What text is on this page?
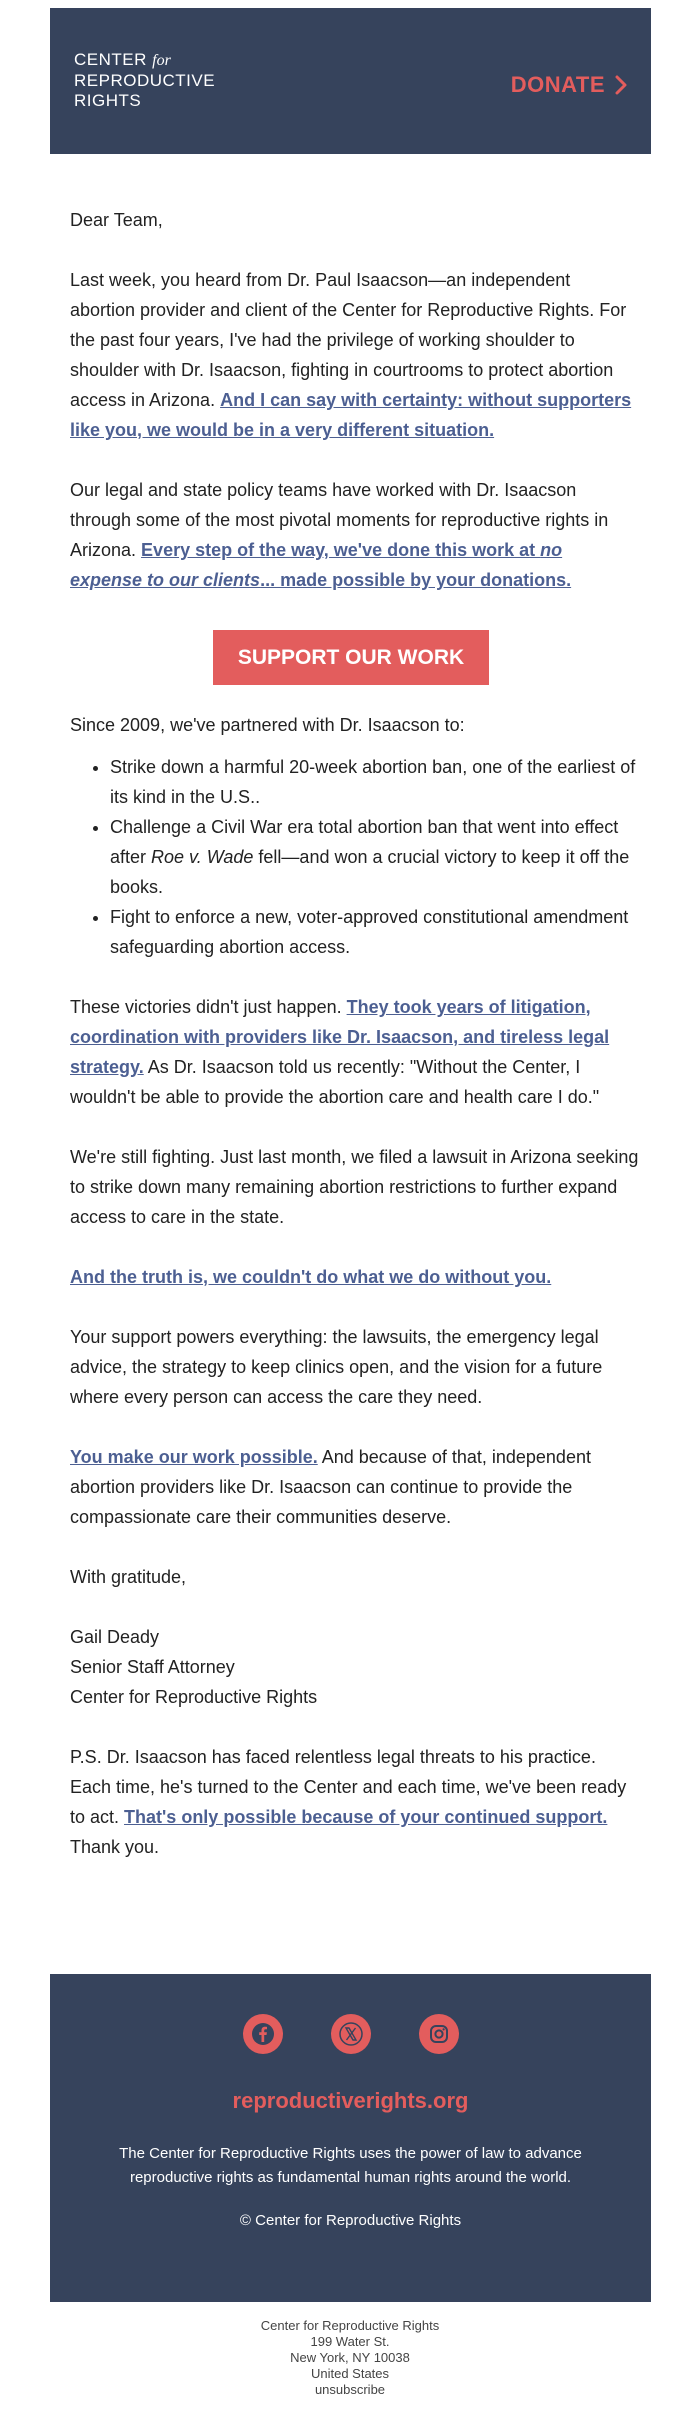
CENTER for
REPRODUCTIVE
RIGHTS
DONATE

Dear Team,

Last week, you heard from Dr. Paul Isaacson—an independent abortion provider and client of the Center for Reproductive Rights. For the past four years, I've had the privilege of working shoulder to shoulder with Dr. Isaacson, fighting in courtrooms to protect abortion access in Arizona. And I can say with certainty: without supporters like you, we would be in a very different situation.

Our legal and state policy teams have worked with Dr. Isaacson through some of the most pivotal moments for reproductive rights in Arizona. Every step of the way, we've done this work at no expense to our clients... made possible by your donations.

SUPPORT OUR WORK

Since 2009, we've partnered with Dr. Isaacson to:

• Strike down a harmful 20-week abortion ban, one of the earliest of its kind in the U.S..
• Challenge a Civil War era total abortion ban that went into effect after Roe v. Wade fell—and won a crucial victory to keep it off the books.
• Fight to enforce a new, voter-approved constitutional amendment safeguarding abortion access.

These victories didn't just happen. They took years of litigation, coordination with providers like Dr. Isaacson, and tireless legal strategy. As Dr. Isaacson told us recently: "Without the Center, I wouldn't be able to provide the abortion care and health care I do."

We're still fighting. Just last month, we filed a lawsuit in Arizona seeking to strike down many remaining abortion restrictions to further expand access to care in the state.

And the truth is, we couldn't do what we do without you.

Your support powers everything: the lawsuits, the emergency legal advice, the strategy to keep clinics open, and the vision for a future where every person can access the care they need.

You make our work possible. And because of that, independent abortion providers like Dr. Isaacson can continue to provide the compassionate care their communities deserve.

With gratitude,

Gail Deady

Senior Staff Attorney

Center for Reproductive Rights

P.S. Dr. Isaacson has faced relentless legal threats to his practice. Each time, he's turned to the Center and each time, we've been ready to act. That's only possible because of your continued support.
Thank you.

reproductiverights.org
The Center for Reproductive Rights uses the power of law to advance reproductive rights as fundamental human rights around the world.
© Center for Reproductive Rights
Center for Reproductive Rights
199 Water St.
New York, NY 10038
United States
unsubscribe
